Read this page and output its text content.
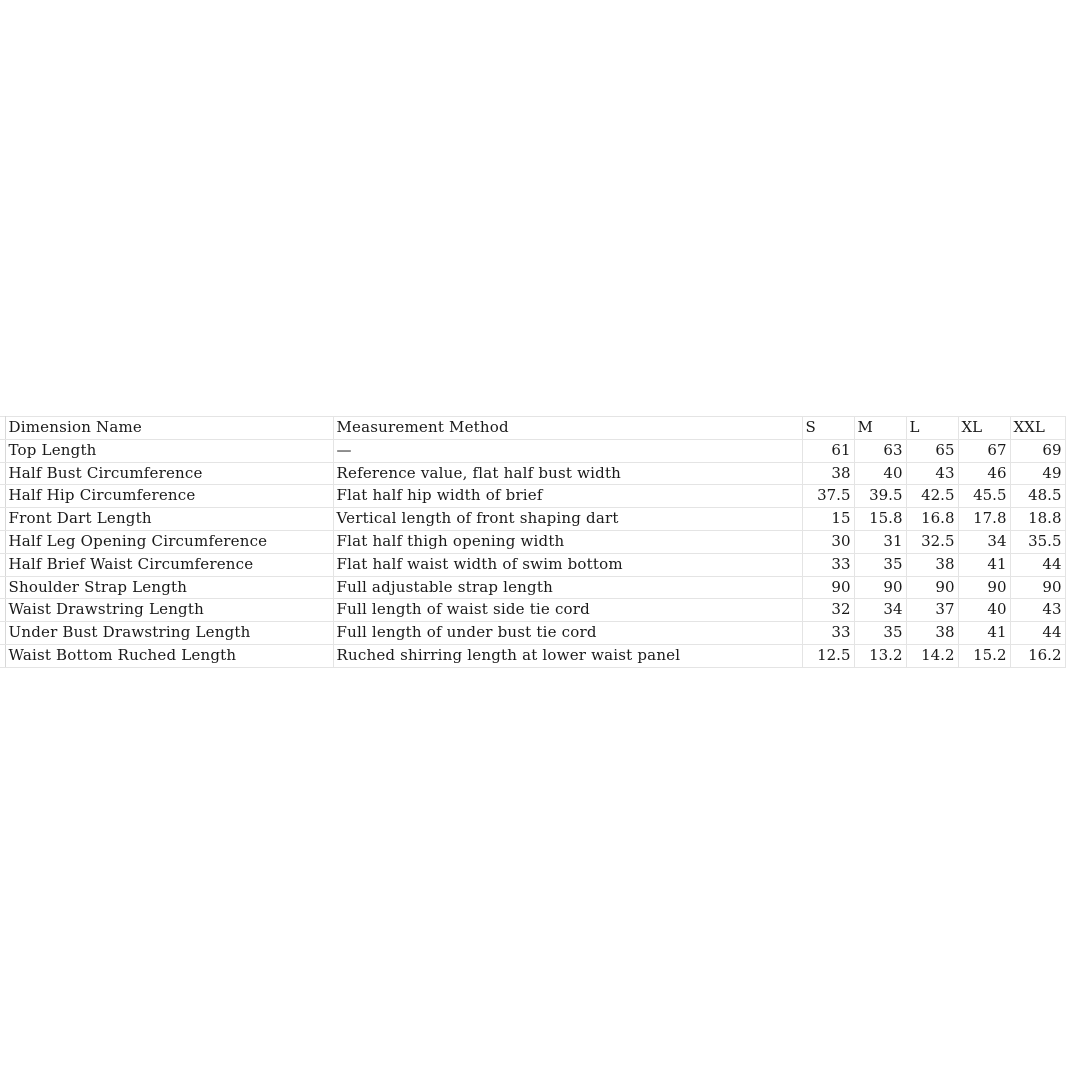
	Dimension Name	Measurement Method	S	M	L	XL	XXL
	Top Length	—	61	63	65	67	69
	Half Bust Circumference	Reference value, flat half bust width	38	40	43	46	49
	Half Hip Circumference	Flat half hip width of brief	37.5	39.5	42.5	45.5	48.5
	Front Dart Length	Vertical length of front shaping dart	15	15.8	16.8	17.8	18.8
	Half Leg Opening Circumference	Flat half thigh opening width	30	31	32.5	34	35.5
	Half Brief Waist Circumference	Flat half waist width of swim bottom	33	35	38	41	44
	Shoulder Strap Length	Full adjustable strap length	90	90	90	90	90
	Waist Drawstring Length	Full length of waist side tie cord	32	34	37	40	43
	Under Bust Drawstring Length	Full length of under bust tie cord	33	35	38	41	44
	Waist Bottom Ruched Length	Ruched shirring length at lower waist panel	12.5	13.2	14.2	15.2	16.2
